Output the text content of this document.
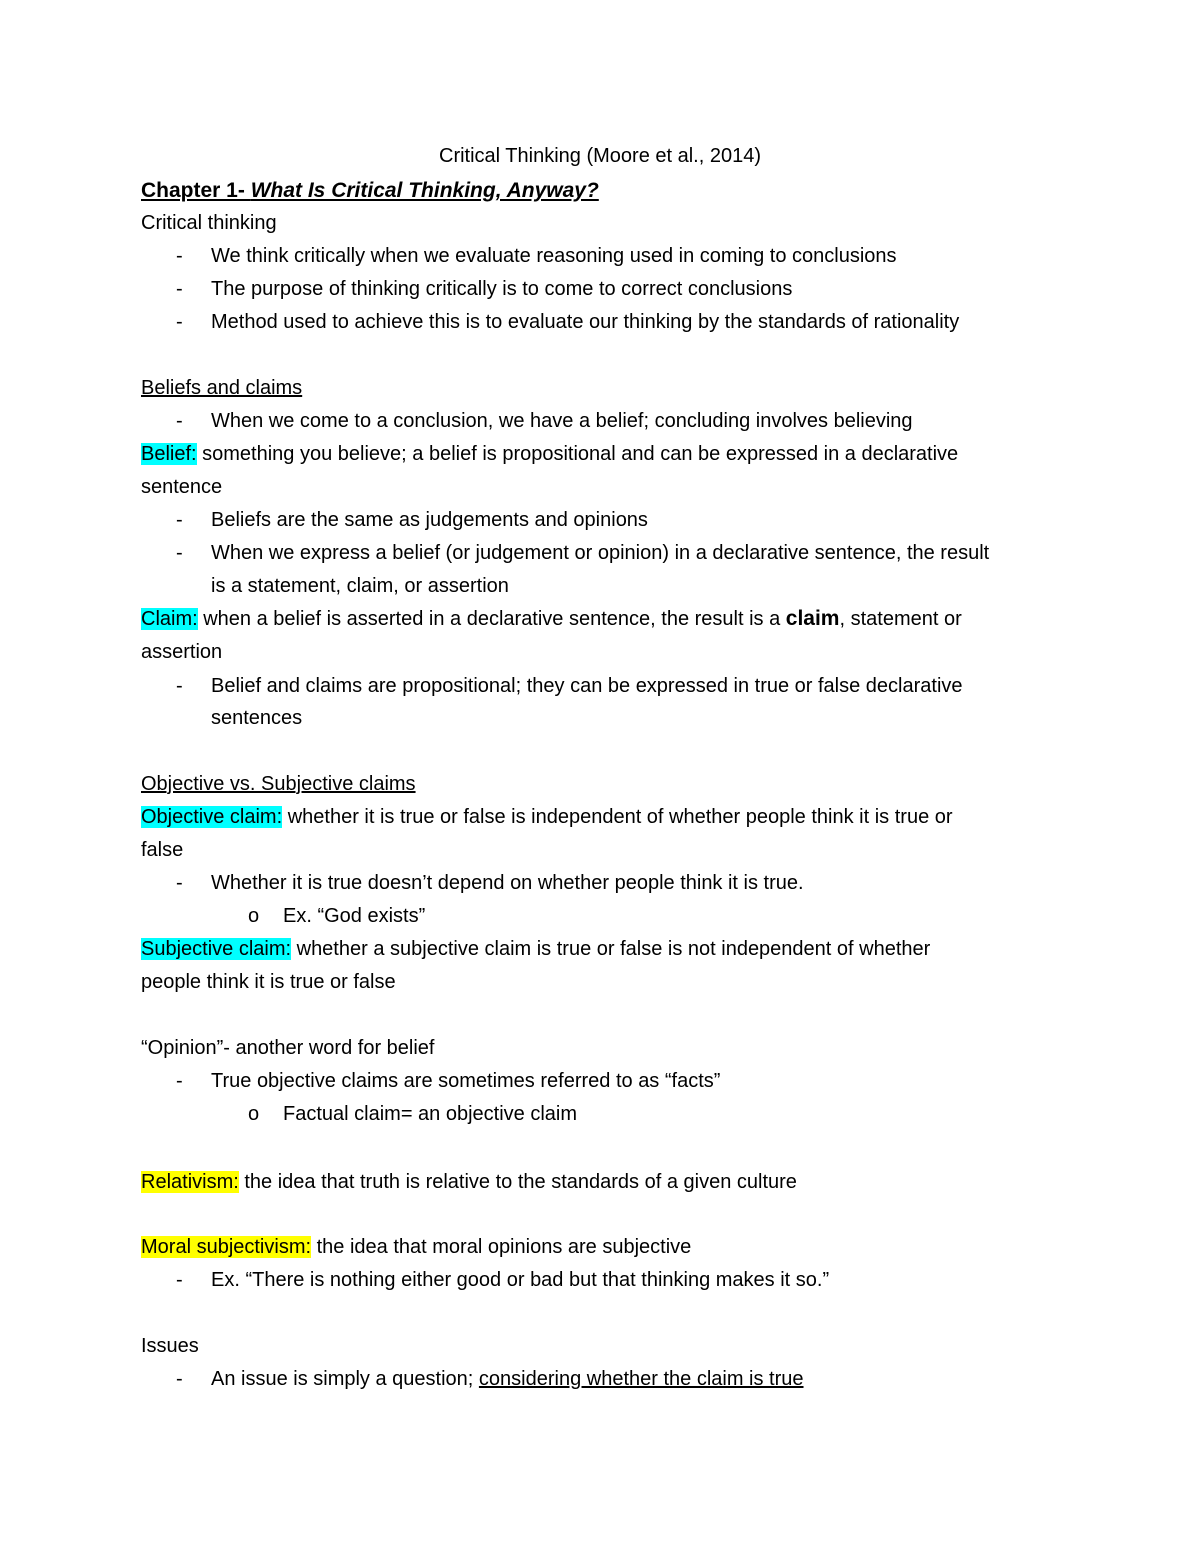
Critical Thinking (Moore et al., 2014)
Chapter 1- What Is Critical Thinking, Anyway?
Critical thinking
- We think critically when we evaluate reasoning used in coming to conclusions
- The purpose of thinking critically is to come to correct conclusions
- Method used to achieve this is to evaluate our thinking by the standards of rationality
Beliefs and claims
- When we come to a conclusion, we have a belief; concluding involves believing
Belief: something you believe; a belief is propositional and can be expressed in a declarative
sentence
- Beliefs are the same as judgements and opinions
- When we express a belief (or judgement or opinion) in a declarative sentence, the result
is a statement, claim, or assertion
Claim: when a belief is asserted in a declarative sentence, the result is a claim, statement or
assertion
- Belief and claims are propositional; they can be expressed in true or false declarative
sentences
Objective vs. Subjective claims
Objective claim: whether it is true or false is independent of whether people think it is true or
false
- Whether it is true doesn’t depend on whether people think it is true.
o Ex. “God exists”
Subjective claim: whether a subjective claim is true or false is not independent of whether
people think it is true or false
“Opinion”- another word for belief
- True objective claims are sometimes referred to as “facts”
o Factual claim= an objective claim
Relativism: the idea that truth is relative to the standards of a given culture
Moral subjectivism: the idea that moral opinions are subjective
- Ex. “There is nothing either good or bad but that thinking makes it so.”
Issues
- An issue is simply a question; considering whether the claim is true
